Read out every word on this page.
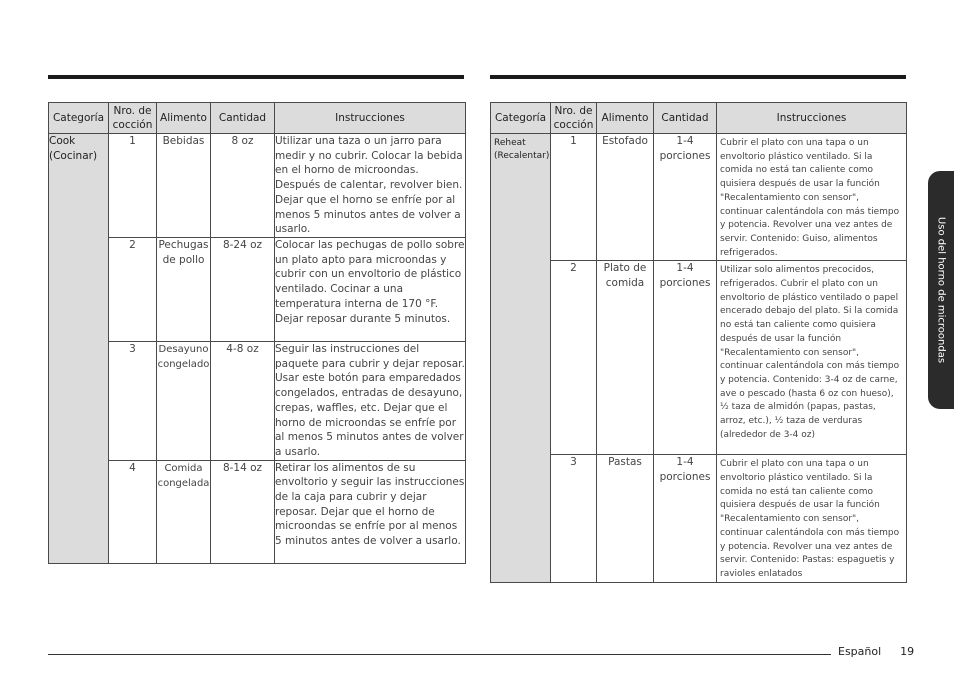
Categoría	Nro. de cocción	Alimento	Cantidad	Instrucciones
Cook (Cocinar)	1	Bebidas	8 oz	Utilizar una taza o un jarro para medir y no cubrir. Colocar la bebida en el horno de microondas. Después de calentar, revolver bien. Dejar que el horno se enfríe por al menos 5 minutos antes de volver a usarlo.
	2	Pechugas de pollo	8-24 oz	Colocar las pechugas de pollo sobre un plato apto para microondas y cubrir con un envoltorio de plástico ventilado. Cocinar a una temperatura interna de 170 °F. Dejar reposar durante 5 minutos.
	3	Desayuno congelado	4-8 oz	Seguir las instrucciones del paquete para cubrir y dejar reposar. Usar este botón para emparedados congelados, entradas de desayuno, crepas, waffles, etc. Dejar que el horno de microondas se enfríe por al menos 5 minutos antes de volver a usarlo.
	4	Comida congelada	8-14 oz	Retirar los alimentos de su envoltorio y seguir las instrucciones de la caja para cubrir y dejar reposar. Dejar que el horno de microondas se enfríe por al menos 5 minutos antes de volver a usarlo.
Categoría	Nro. de cocción	Alimento	Cantidad	Instrucciones
Reheat (Recalentar)	1	Estofado	1-4 porciones	Cubrir el plato con una tapa o un envoltorio plástico ventilado. Si la comida no está tan caliente como quisiera después de usar la función "Recalentamiento con sensor", continuar calentándola con más tiempo y potencia. Revolver una vez antes de servir. Contenido: Guiso, alimentos refrigerados.
	2	Plato de comida	1-4 porciones	Utilizar solo alimentos precocidos, refrigerados. Cubrir el plato con un envoltorio de plástico ventilado o papel encerado debajo del plato. Si la comida no está tan caliente como quisiera después de usar la función "Recalentamiento con sensor", continuar calentándola con más tiempo y potencia. Contenido: 3-4 oz de carne, ave o pescado (hasta 6 oz con hueso), ½ taza de almidón (papas, pastas, arroz, etc.), ½ taza de verduras (alrededor de 3-4 oz)
	3	Pastas	1-4 porciones	Cubrir el plato con una tapa o un envoltorio plástico ventilado. Si la comida no está tan caliente como quisiera después de usar la función "Recalentamiento con sensor", continuar calentándola con más tiempo y potencia. Revolver una vez antes de servir. Contenido: Pastas: espaguetis y ravioles enlatados
Uso del horno de microondas
Español 19
